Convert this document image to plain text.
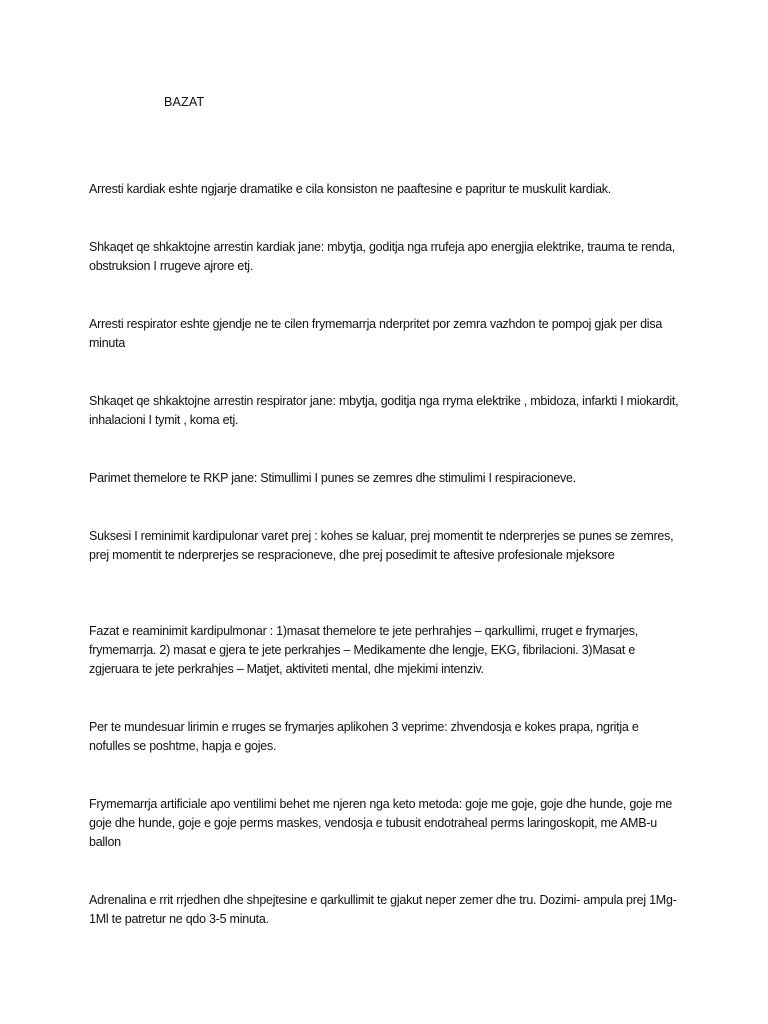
BAZAT

Arresti kardiak eshte ngjarje dramatike e cila konsiston ne paaftesine e papritur te muskulit kardiak.

Shkaqet qe shkaktojne arrestin kardiak jane: mbytja, goditja nga rrufeja apo energjia elektrike, trauma te renda, obstruksion I rrugeve ajrore etj.

Arresti respirator eshte gjendje ne te cilen frymemarrja nderpritet por zemra vazhdon te pompoj gjak per disa minuta

Shkaqet qe shkaktojne arrestin respirator jane: mbytja, goditja nga rryma elektrike , mbidoza, infarkti I miokardit, inhalacioni I tymit , koma etj.

Parimet themelore te RKP jane: Stimullimi I punes se zemres dhe stimulimi I respiracioneve.

Suksesi I reminimit kardipulonar varet prej : kohes se kaluar, prej momentit te nderprerjes se punes se zemres, prej momentit te nderprerjes se respracioneve, dhe prej posedimit te aftesive profesionale mjeksore

Fazat e reaminimit kardipulmonar : 1)masat themelore te jete perhrahjes – qarkullimi, rruget e frymarjes, frymemarrja. 2) masat e gjera te jete perkrahjes – Medikamente dhe lengje, EKG, fibrilacioni. 3)Masat e zgjeruara te jete perkrahjes – Matjet, aktiviteti mental, dhe mjekimi intenziv.

Per te mundesuar lirimin e rruges se frymarjes aplikohen 3 veprime: zhvendosja e kokes prapa, ngritja e nofulles se poshtme, hapja e gojes.

Frymemarrja artificiale apo ventilimi behet me njeren nga keto metoda: goje me goje, goje dhe hunde, goje me goje dhe hunde, goje e goje perms maskes, vendosja e tubusit endotraheal perms laringoskopit, me AMB-u ballon

Adrenalina e rrit rrjedhen dhe shpejtesine e qarkullimit te gjakut neper zemer dhe tru. Dozimi- ampula prej 1Mg-1Ml te patretur ne qdo 3-5 minuta.
